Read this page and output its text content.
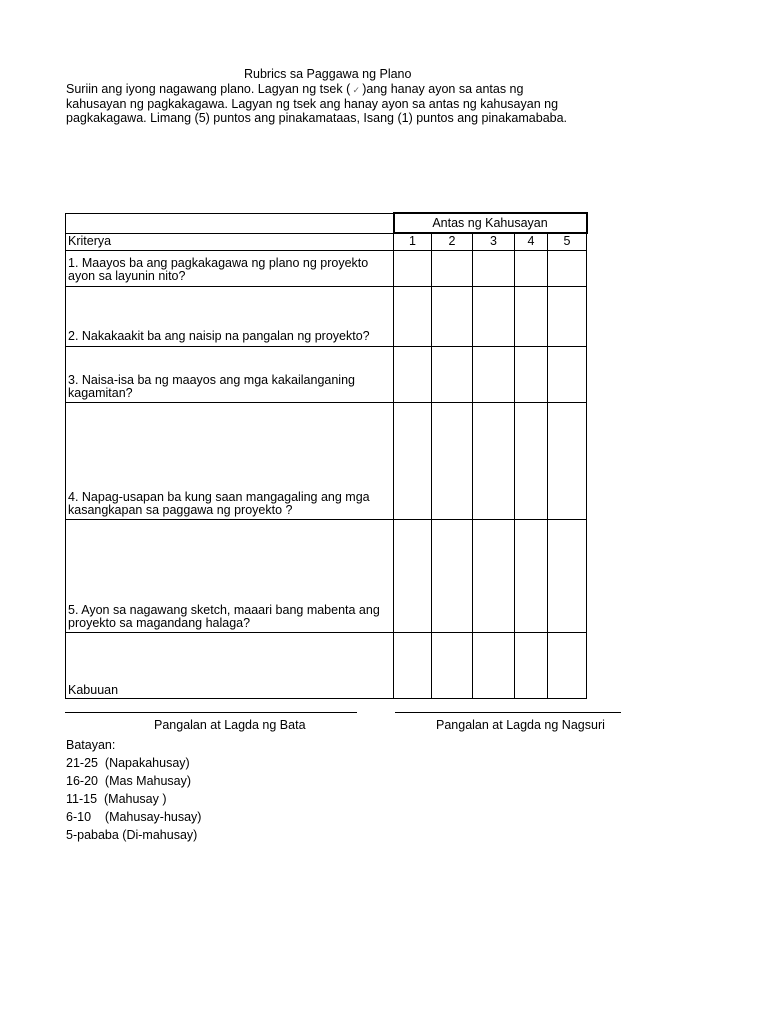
Rubrics sa Paggawa ng Plano
Suriin ang iyong nagawang plano. Lagyan ng tsek ( ✓ )ang hanay ayon sa antas ng
kahusayan ng pagkakagawa. Lagyan ng tsek ang hanay ayon sa antas ng kahusayan ng
pagkakagawa. Limang (5) puntos ang pinakamataas, Isang (1) puntos ang pinakamababa.
	Antas ng Kahusayan				
Kriterya	1	2	3	4	5

1. Maayos ba ang pagkakagawa ng plano ng proyekto
ayon sa layunin nito?					

2. Nakakaakit ba ang naisip na pangalan ng proyekto?					

3. Naisa-isa ba ng maayos ang mga kakailanganing
kagamitan?					

4. Napag-usapan ba kung saan mangagaling ang mga
kasangkapan sa paggawa ng proyekto ?					

5. Ayon sa nagawang sketch, maaari bang mabenta ang
proyekto sa magandang halaga?					

Kabuuan					
Pangalan at Lagda ng Bata	Pangalan at Lagda ng Nagsuri
Batayan:
21-25  (Napakahusay)
16-20  (Mas Mahusay)
11-15  (Mahusay )
6-10    (Mahusay-husay)
5-pababa (Di-mahusay)
